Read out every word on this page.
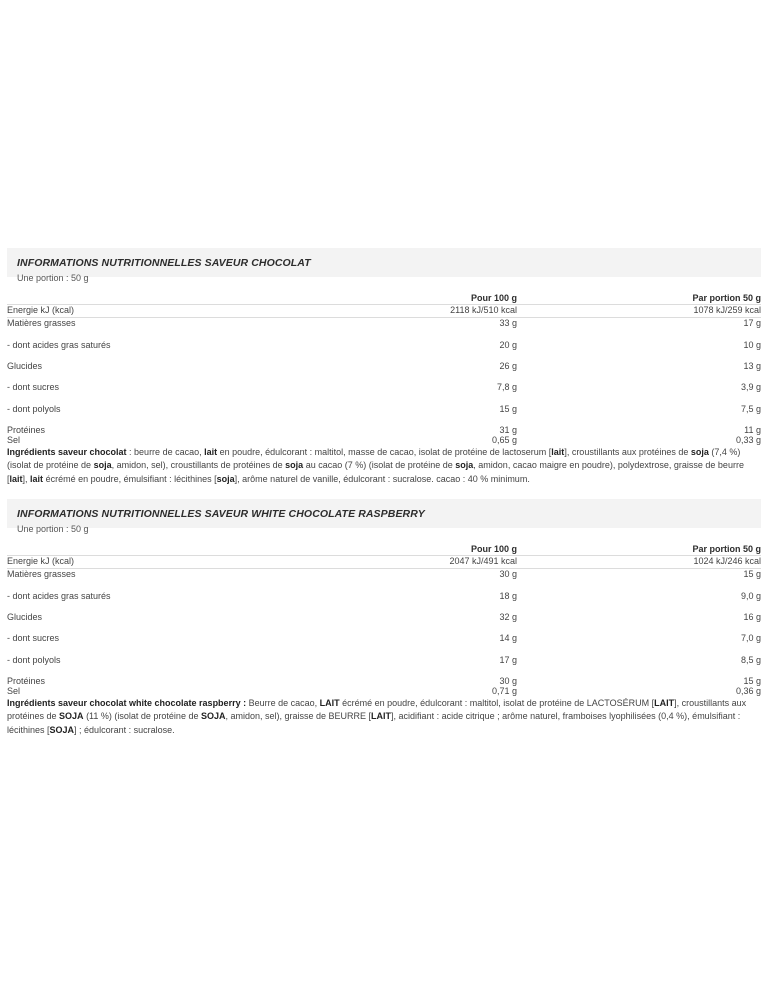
INFORMATIONS NUTRITIONNELLES SAVEUR CHOCOLAT
Une portion : 50 g
	Pour 100 g	Par portion 50 g
Energie kJ (kcal)	2118 kJ/510 kcal	1078 kJ/259 kcal
Matières grasses	33 g	17 g
- dont acides gras saturés	20 g	10 g
Glucides	26 g	13 g
- dont sucres	7,8 g	3,9 g
- dont polyols	15 g	7,5 g
Protéines	31 g	11 g
Sel	0,65 g	0,33 g
Ingrédients saveur chocolat : beurre de cacao, lait en poudre, édulcorant : maltitol, masse de cacao, isolat de protéine de lactoserum [lait], croustillants aux protéines de soja (7,4 %) (isolat de protéine de soja, amidon, sel), croustillants de protéines de soja au cacao (7 %) (isolat de protéine de soja, amidon, cacao maigre en poudre), polydextrose, graisse de beurre [lait], lait écrémé en poudre, émulsifiant : lécithines [soja], arôme naturel de vanille, édulcorant : sucralose. cacao : 40 % minimum.
INFORMATIONS NUTRITIONNELLES SAVEUR WHITE CHOCOLATE RASPBERRY
Une portion : 50 g
	Pour 100 g	Par portion 50 g
Energie kJ (kcal)	2047 kJ/491 kcal	1024 kJ/246 kcal
Matières grasses	30 g	15 g
- dont acides gras saturés	18 g	9,0 g
Glucides	32 g	16 g
- dont sucres	14 g	7,0 g
- dont polyols	17 g	8,5 g
Protéines	30 g	15 g
Sel	0,71 g	0,36 g
Ingrédients saveur chocolat white chocolate raspberry : Beurre de cacao, LAIT écrémé en poudre, édulcorant : maltitol, isolat de protéine de LACTOSÉRUM [LAIT], croustillants aux protéines de SOJA (11 %) (isolat de protéine de SOJA, amidon, sel), graisse de BEURRE [LAIT], acidifiant : acide citrique ; arôme naturel, framboises lyophilisées (0,4 %), émulsifiant : lécithines [SOJA] ; édulcorant : sucralose.
